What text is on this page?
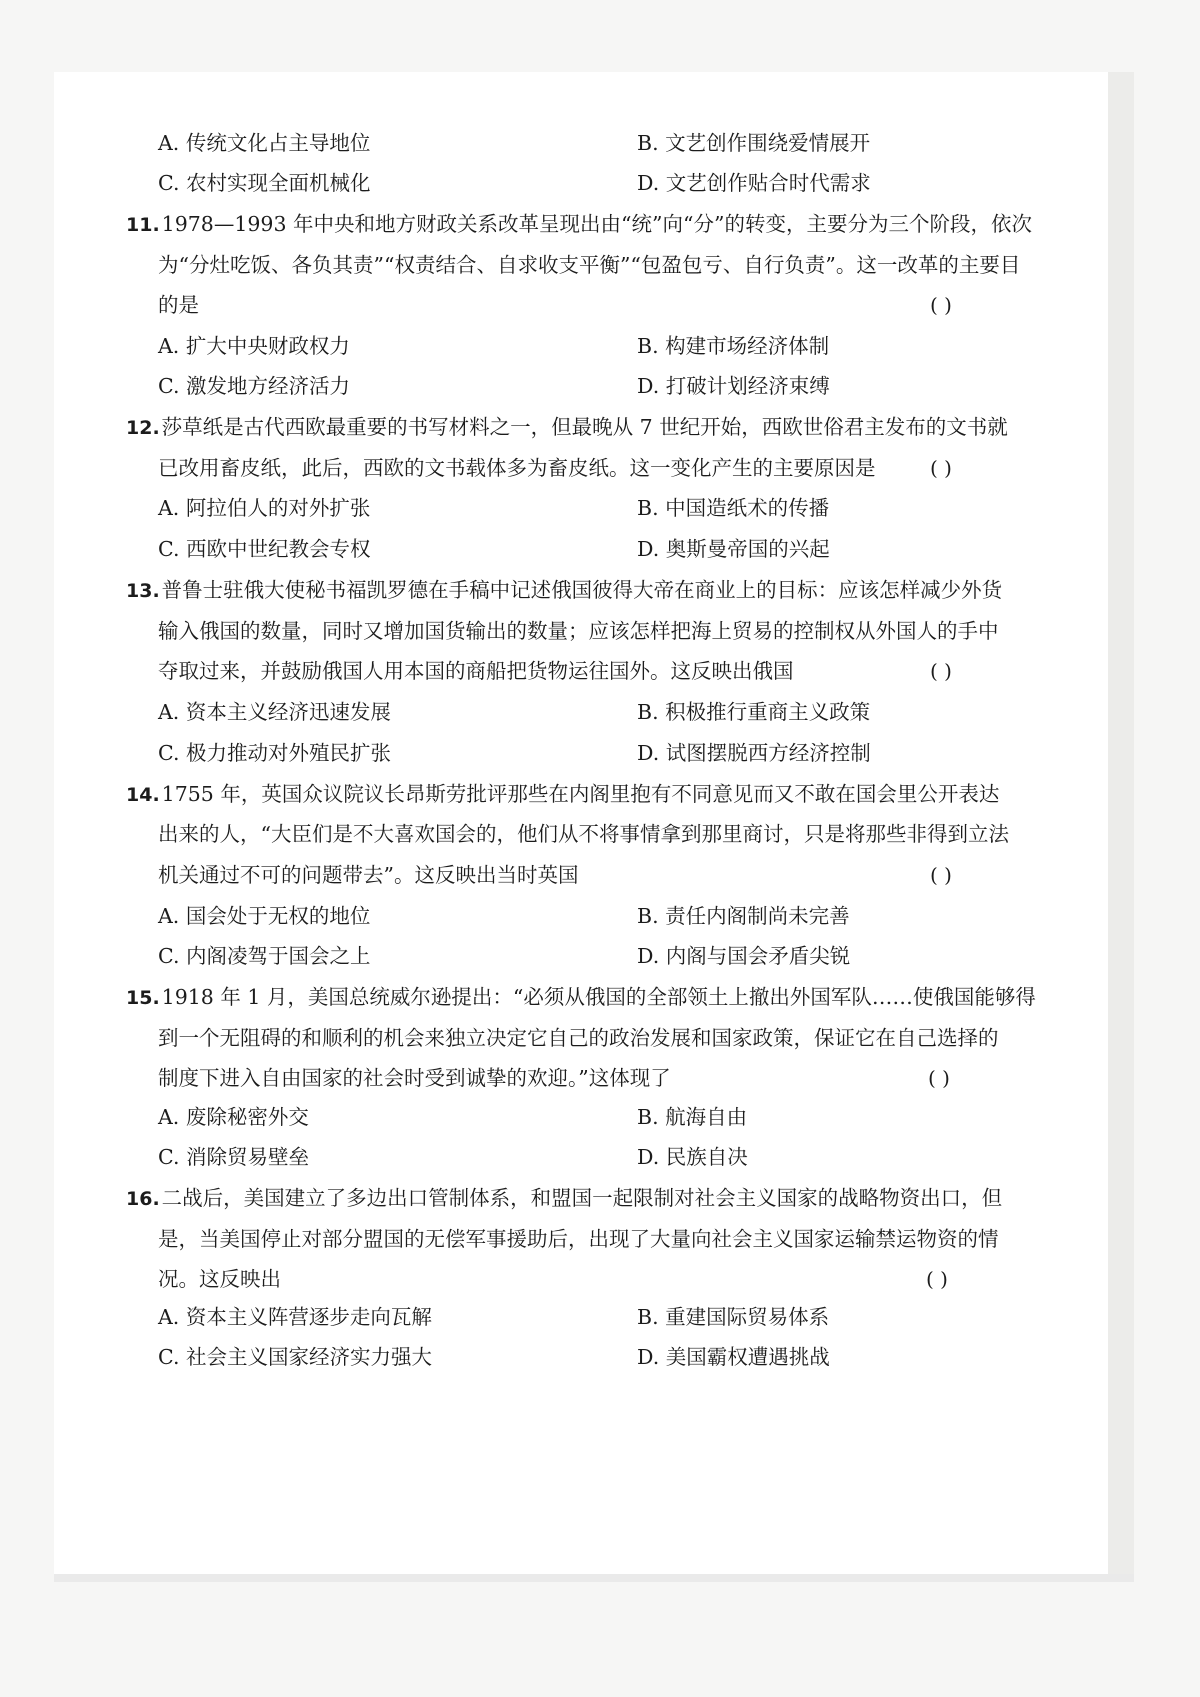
A. 传统文化占主导地位	B. 文艺创作围绕爱情展开
C. 农村实现全面机械化	D. 文艺创作贴合时代需求
11.1978—1993 年中央和地方财政关系改革呈现出由“统”向“分”的转变，主要分为三个阶段，依次
为“分灶吃饭、各负其责”“权责结合、自求收支平衡”“包盈包亏、自行负责”。这一改革的主要目
的是	( )
A. 扩大中央财政权力	B. 构建市场经济体制
C. 激发地方经济活力	D. 打破计划经济束缚
12.莎草纸是古代西欧最重要的书写材料之一，但最晚从 7 世纪开始，西欧世俗君主发布的文书就
已改用畜皮纸，此后，西欧的文书载体多为畜皮纸。这一变化产生的主要原因是	( )
A. 阿拉伯人的对外扩张	B. 中国造纸术的传播
C. 西欧中世纪教会专权	D. 奥斯曼帝国的兴起
13.普鲁士驻俄大使秘书福凯罗德在手稿中记述俄国彼得大帝在商业上的目标：应该怎样减少外货
输入俄国的数量，同时又增加国货输出的数量；应该怎样把海上贸易的控制权从外国人的手中
夺取过来，并鼓励俄国人用本国的商船把货物运往国外。这反映出俄国	( )
A. 资本主义经济迅速发展	B. 积极推行重商主义政策
C. 极力推动对外殖民扩张	D. 试图摆脱西方经济控制
14.1755 年，英国众议院议长昂斯劳批评那些在内阁里抱有不同意见而又不敢在国会里公开表达
出来的人，“大臣们是不大喜欢国会的，他们从不将事情拿到那里商讨，只是将那些非得到立法
机关通过不可的问题带去”。这反映出当时英国	( )
A. 国会处于无权的地位	B. 责任内阁制尚未完善
C. 内阁凌驾于国会之上	D. 内阁与国会矛盾尖锐
15.1918 年 1 月，美国总统威尔逊提出：“必须从俄国的全部领土上撤出外国军队……使俄国能够得
到一个无阻碍的和顺利的机会来独立决定它自己的政治发展和国家政策，保证它在自己选择的
制度下进入自由国家的社会时受到诚挚的欢迎。”这体现了	( )
A. 废除秘密外交	B. 航海自由
C. 消除贸易壁垒	D. 民族自决
16.二战后，美国建立了多边出口管制体系，和盟国一起限制对社会主义国家的战略物资出口，但
是，当美国停止对部分盟国的无偿军事援助后，出现了大量向社会主义国家运输禁运物资的情
况。这反映出	( )
A. 资本主义阵营逐步走向瓦解	B. 重建国际贸易体系
C. 社会主义国家经济实力强大	D. 美国霸权遭遇挑战
